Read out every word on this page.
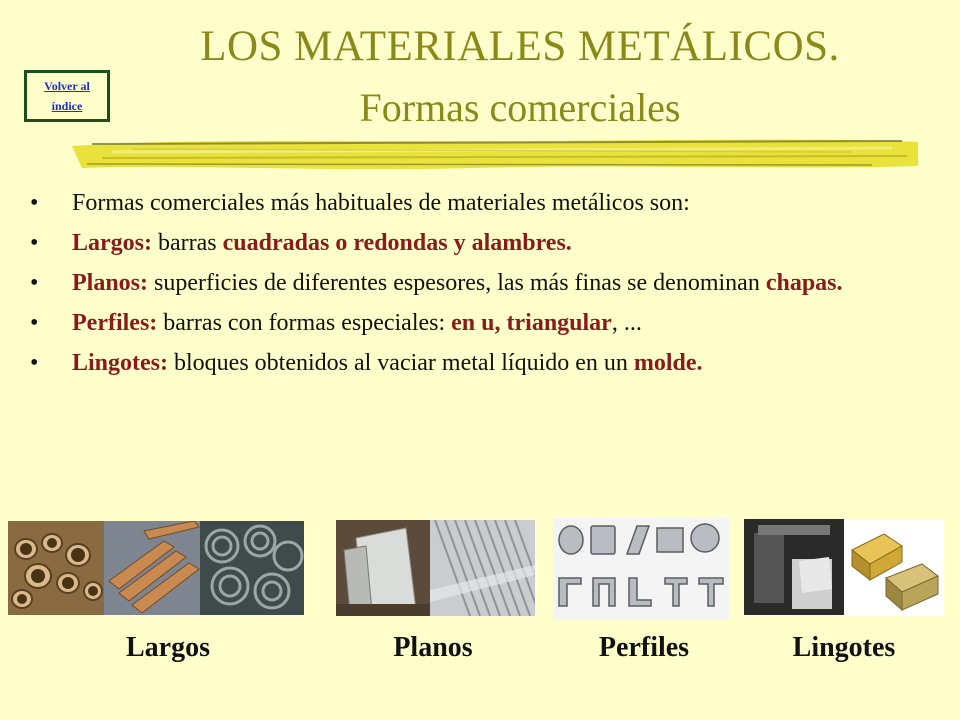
Volver al
índice
LOS MATERIALES METÁLICOS.
Formas comerciales
• Formas comerciales más habituales de materiales metálicos son:
• Largos: barras cuadradas o redondas y alambres.
• Planos: superficies de diferentes espesores, las más finas se denominan chapas.
• Perfiles: barras con formas especiales: en u, triangular, ...
• Lingotes: bloques obtenidos al vaciar metal líquido en un molde.
Largos	Planos	Perfiles	Lingotes
